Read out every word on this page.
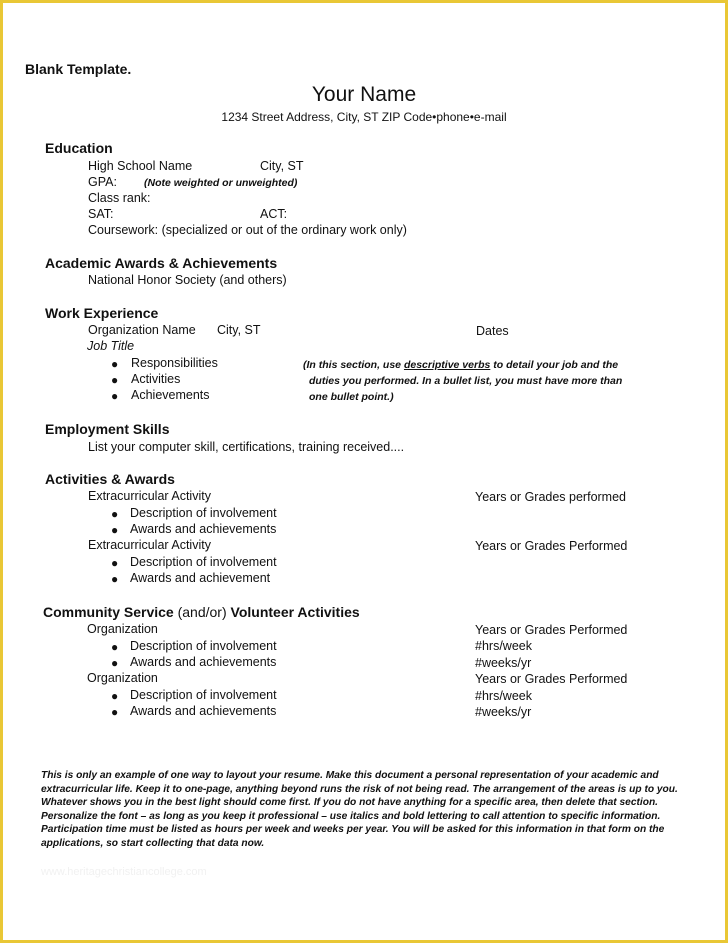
Blank Template.
Your Name
1234 Street Address, City, ST ZIP Code•phone•e-mail
Education
High School Name	City, ST
GPA:	(Note weighted or unweighted)
Class rank:
SAT:	ACT:
Coursework: (specialized or out of the ordinary work only)
Academic Awards & Achievements
National Honor Society (and others)
Work Experience
Organization Name City, ST	Dates
Job Title
● Responsibilities
● Activities
● Achievements
(In this section, use descriptive verbs to detail your job and the
duties you performed. In a bullet list, you must have more than
one bullet point.)
Employment Skills
List your computer skill, certifications, training received....
Activities & Awards
Extracurricular Activity	Years or Grades performed
● Description of involvement
● Awards and achievements
Extracurricular Activity	Years or Grades Performed
● Description of involvement
● Awards and achievement
Community Service (and/or) Volunteer Activities
Organization	Years or Grades Performed
● Description of involvement	#hrs/week
● Awards and achievements	#weeks/yr
Organization	Years or Grades Performed
● Description of involvement	#hrs/week
● Awards and achievements	#weeks/yr
This is only an example of one way to layout your resume. Make this document a personal representation of your academic and extracurricular life. Keep it to one-page, anything beyond runs the risk of not being read. The arrangement of the areas is up to you. Whatever shows you in the best light should come first. If you do not have anything for a specific area, then delete that section. Personalize the font – as long as you keep it professional – use italics and bold lettering to call attention to specific information. Participation time must be listed as hours per week and weeks per year. You will be asked for this information in that form on the applications, so start collecting that data now.
www.heritagechristiancollege.com
